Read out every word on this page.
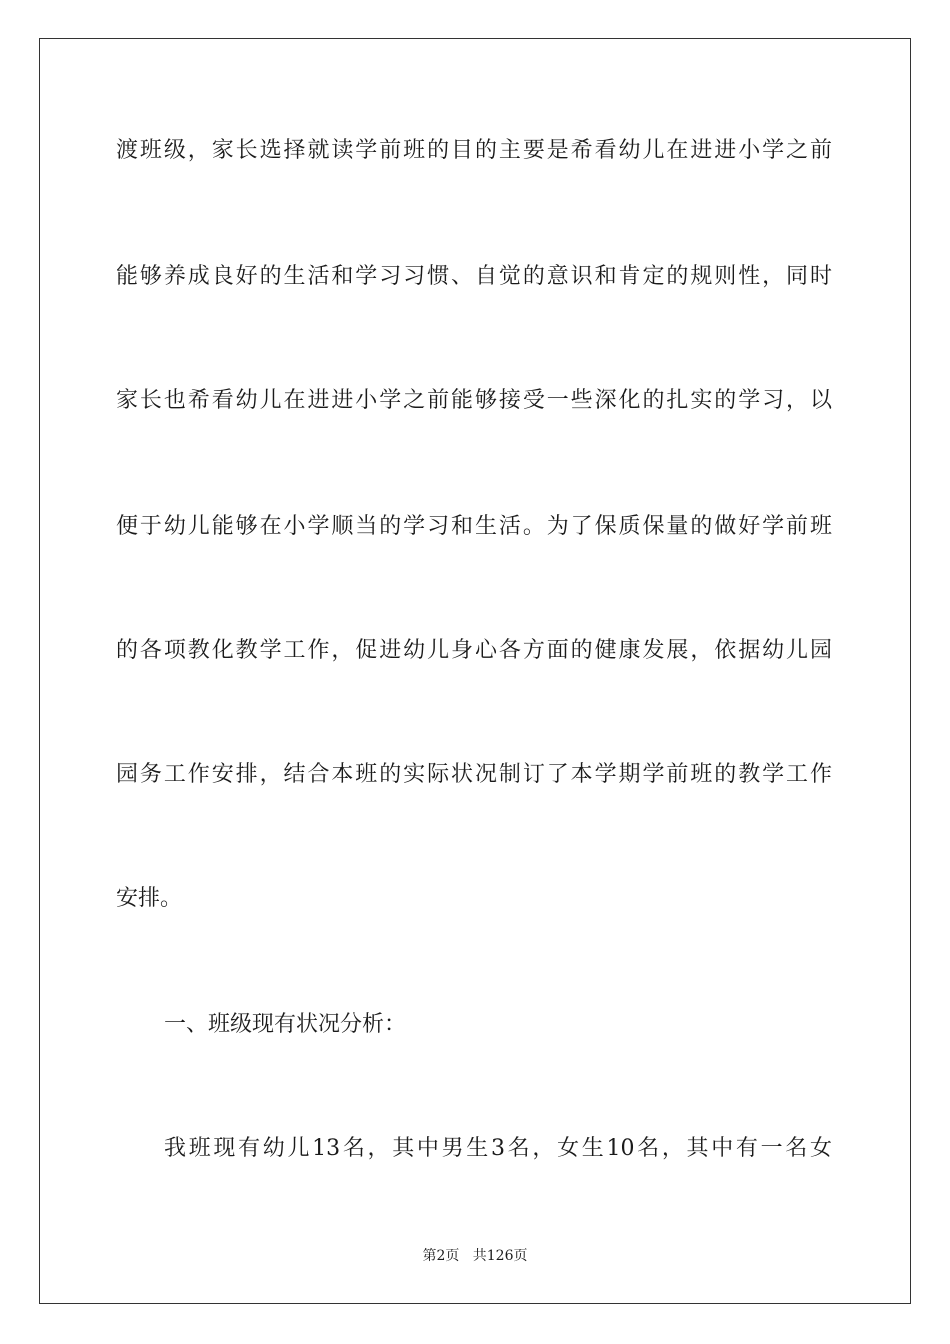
渡班级，家长选择就读学前班的目的主要是希看幼儿在进进小学之前
能够养成良好的生活和学习习惯、自觉的意识和肯定的规则性，同时
家长也希看幼儿在进进小学之前能够接受一些深化的扎实的学习，以
便于幼儿能够在小学顺当的学习和生活。为了保质保量的做好学前班
的各项教化教学工作，促进幼儿身心各方面的健康发展，依据幼儿园
园务工作安排，结合本班的实际状况制订了本学期学前班的教学工作
安排。
一、班级现有状况分析：
我班现有幼儿13名，其中男生3名，女生10名，其中有一名女
第2页 共126页
